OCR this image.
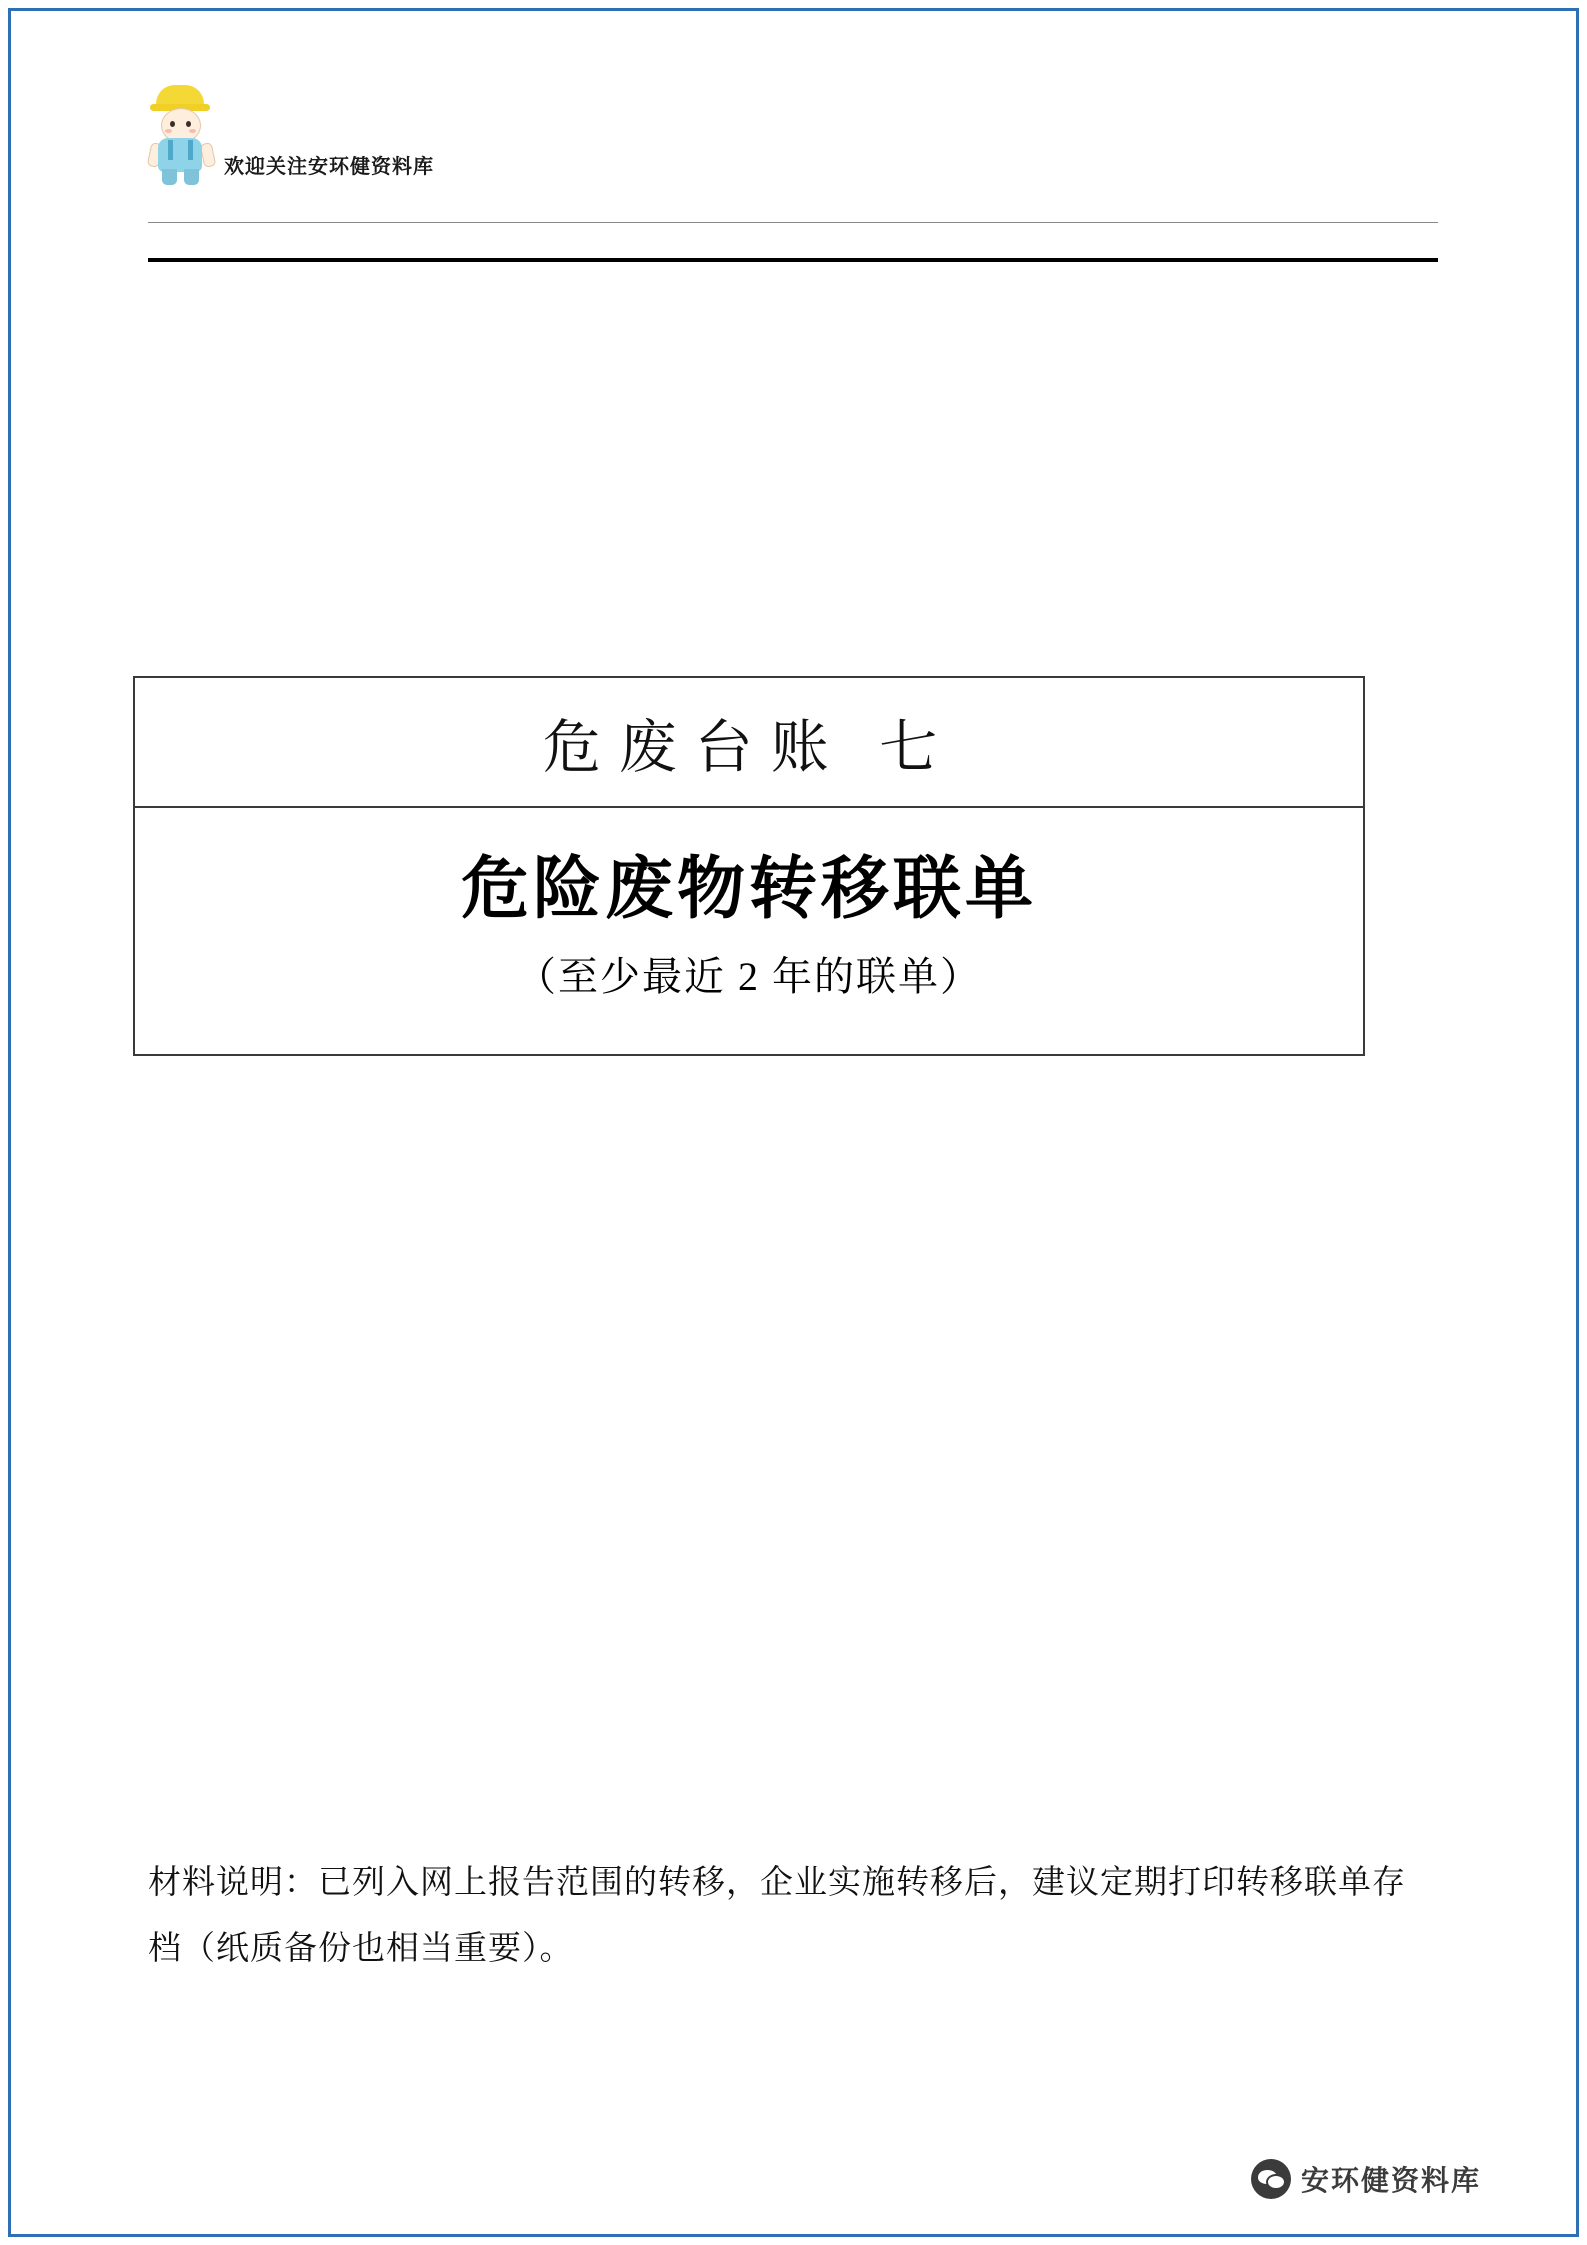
欢迎关注安环健资料库
危废台账 七
危险废物转移联单
（至少最近 2 年的联单）
材料说明：已列入网上报告范围的转移，企业实施转移后，建议定期打印转移联单存档（纸质备份也相当重要）。
安环健资料库
